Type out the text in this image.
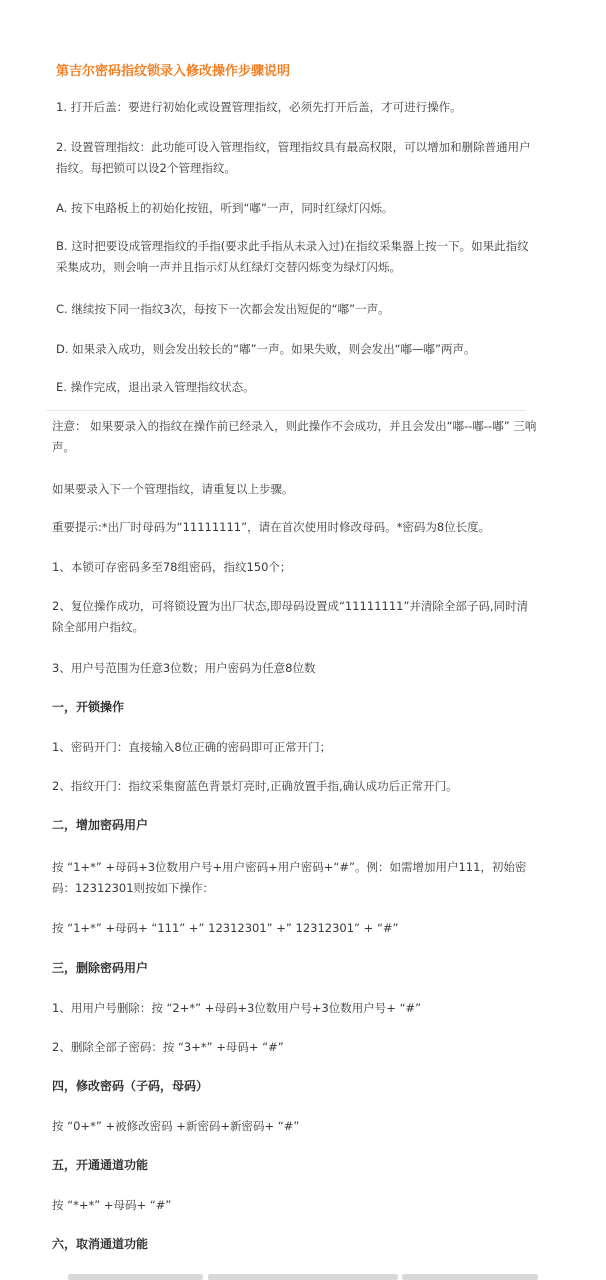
第吉尔密码指纹锁录入修改操作步骤说明
1. 打开后盖：要进行初始化或设置管理指纹，必须先打开后盖，才可进行操作。
2. 设置管理指纹：此功能可设入管理指纹，管理指纹具有最高权限，可以增加和删除普通用户指纹。每把锁可以设2个管理指纹。
A. 按下电路板上的初始化按钮，听到“嘟”一声，同时红绿灯闪烁。
B. 这时把要设成管理指纹的手指(要求此手指从未录入过)在指纹采集器上按一下。如果此指纹采集成功，则会响一声并且指示灯从红绿灯交替闪烁变为绿灯闪烁。
C. 继续按下同一指纹3次，每按下一次都会发出短促的“嘟”一声。
D. 如果录入成功，则会发出较长的“嘟”一声。如果失败，则会发出“嘟—嘟”两声。
E. 操作完成，退出录入管理指纹状态。
注意： 如果要录入的指纹在操作前已经录入，则此操作不会成功，并且会发出“嘟--嘟--嘟” 三响声。
如果要录入下一个管理指纹，请重复以上步骤。
重要提示:*出厂时母码为“11111111”，请在首次使用时修改母码。*密码为8位长度。
1、本锁可存密码多至78组密码，指纹150个；
2、复位操作成功，可将锁设置为出厂状态,即母码设置成“11111111”并清除全部子码,同时清除全部用户指纹。
3、用户号范围为任意3位数；用户密码为任意8位数
一，开锁操作
1、密码开门：直接输入8位正确的密码即可正常开门；
2、指纹开门：指纹采集窗蓝色背景灯亮时,正确放置手指,确认成功后正常开门。
二，增加密码用户
按 “1+*” +母码+3位数用户号+用户密码+用户密码+“#”。例：如需增加用户111，初始密码：12312301则按如下操作：
按 “1+*” +母码+ “111” +” 12312301” +” 12312301” + “#”
三，删除密码用户
1、用用户号删除：按 “2+*” +母码+3位数用户号+3位数用户号+ “#”
2、删除全部子密码：按 “3+*” +母码+ “#”
四，修改密码（子码，母码）
按 “0+*” +被修改密码 +新密码+新密码+ “#”
五，开通通道功能
按 “*+*” +母码+ “#”
六，取消通道功能
